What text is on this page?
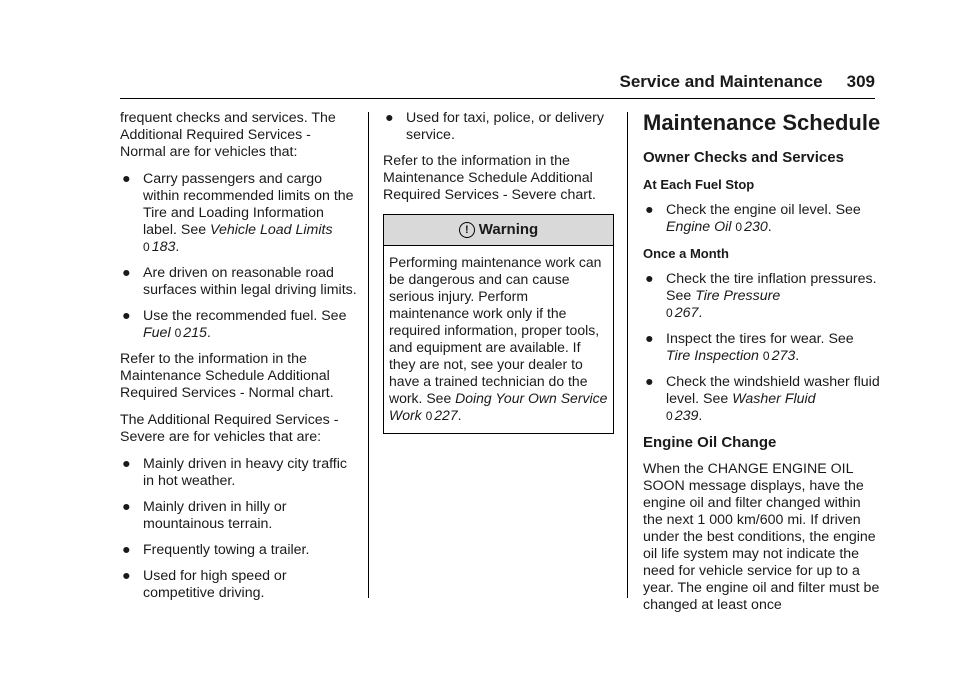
Service and Maintenance 309

frequent checks and services. The Additional Required Services - Normal are for vehicles that:

● Carry passengers and cargo within recommended limits on the Tire and Loading Information label. See Vehicle Load Limits
0 183.
● Are driven on reasonable road surfaces within legal driving limits.
● Use the recommended fuel. See
Fuel 0 215.

Refer to the information in the Maintenance Schedule Additional Required Services - Normal chart.

The Additional Required Services - Severe are for vehicles that are:

● Mainly driven in heavy city traffic in hot weather.
● Mainly driven in hilly or mountainous terrain.
● Frequently towing a trailer.
● Used for high speed or competitive driving.
● Used for taxi, police, or delivery service.

Refer to the information in the Maintenance Schedule Additional Required Services - Severe chart.

! Warning
Performing maintenance work can be dangerous and can cause serious injury. Perform maintenance work only if the required information, proper tools, and equipment are available. If they are not, see your dealer to have a trained technician do the work. See Doing Your Own Service Work 0 227.
Maintenance Schedule
Owner Checks and Services
At Each Fuel Stop
● Check the engine oil level. See
Engine Oil 0 230.
Once a Month
● Check the tire inflation pressures. See Tire Pressure
0 267.
● Inspect the tires for wear. See
Tire Inspection 0 273.
● Check the windshield washer fluid level. See Washer Fluid
0 239.
Engine Oil Change

When the CHANGE ENGINE OIL SOON message displays, have the engine oil and filter changed within the next 1 000 km/600 mi. If driven under the best conditions, the engine oil life system may not indicate the need for vehicle service for up to a year. The engine oil and filter must be changed at least once
